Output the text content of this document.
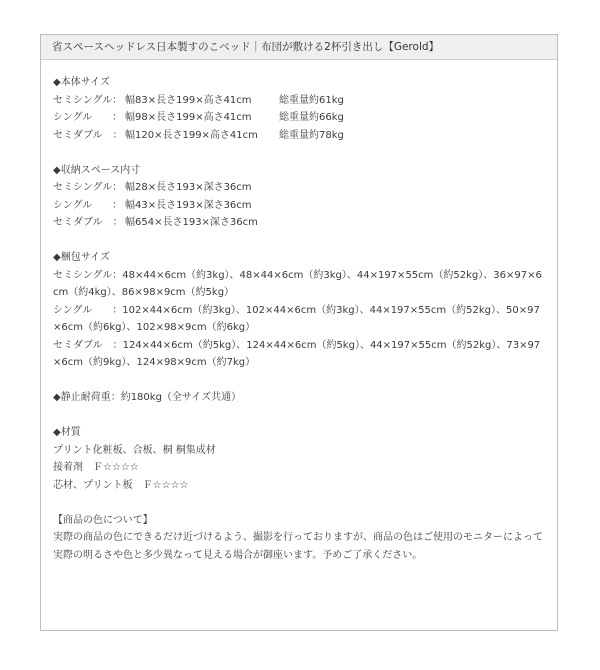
省スペースヘッドレス日本製すのこベッド｜布団が敷ける2杯引き出し【Gerold】
◆本体サイズ
セミシングル： 幅83×長さ199×高さ41cm	総重量約61kg
シングル　　： 幅98×長さ199×高さ41cm	総重量約66kg
セミダブル　： 幅120×長さ199×高さ41cm 総重量約78kg
◆収納スペース内寸
セミシングル： 幅28×長さ193×深さ36cm
シングル　　： 幅43×長さ193×深さ36cm
セミダブル　： 幅654×長さ193×深さ36cm
◆梱包サイズ

セミシングル：48×44×6cm（約3kg）、48×44×6cm（約3kg）、44×197×55cm（約52kg）、36×97×6cm（約4kg）、86×98×9cm（約5kg）

シングル　　：102×44×6cm（約3kg）、102×44×6cm（約3kg）、44×197×55cm（約52kg）、50×97×6cm（約6kg）、102×98×9cm（約6kg）

セミダブル　：124×44×6cm（約5kg）、124×44×6cm（約5kg）、44×197×55cm（約52kg）、73×97×6cm（約9kg）、124×98×9cm（約7kg）

◆静止耐荷重：約180kg（全サイズ共通）
◆材質
プリント化粧板、合板、桐 桐集成材
接着剤　Ｆ☆☆☆☆
芯材、プリント板　Ｆ☆☆☆☆
【商品の色について】

実際の商品の色にできるだけ近づけるよう、撮影を行っておりますが、商品の色はご使用のモニターによって実際の明るさや色と多少異なって見える場合が御座います。予めご了承ください。
